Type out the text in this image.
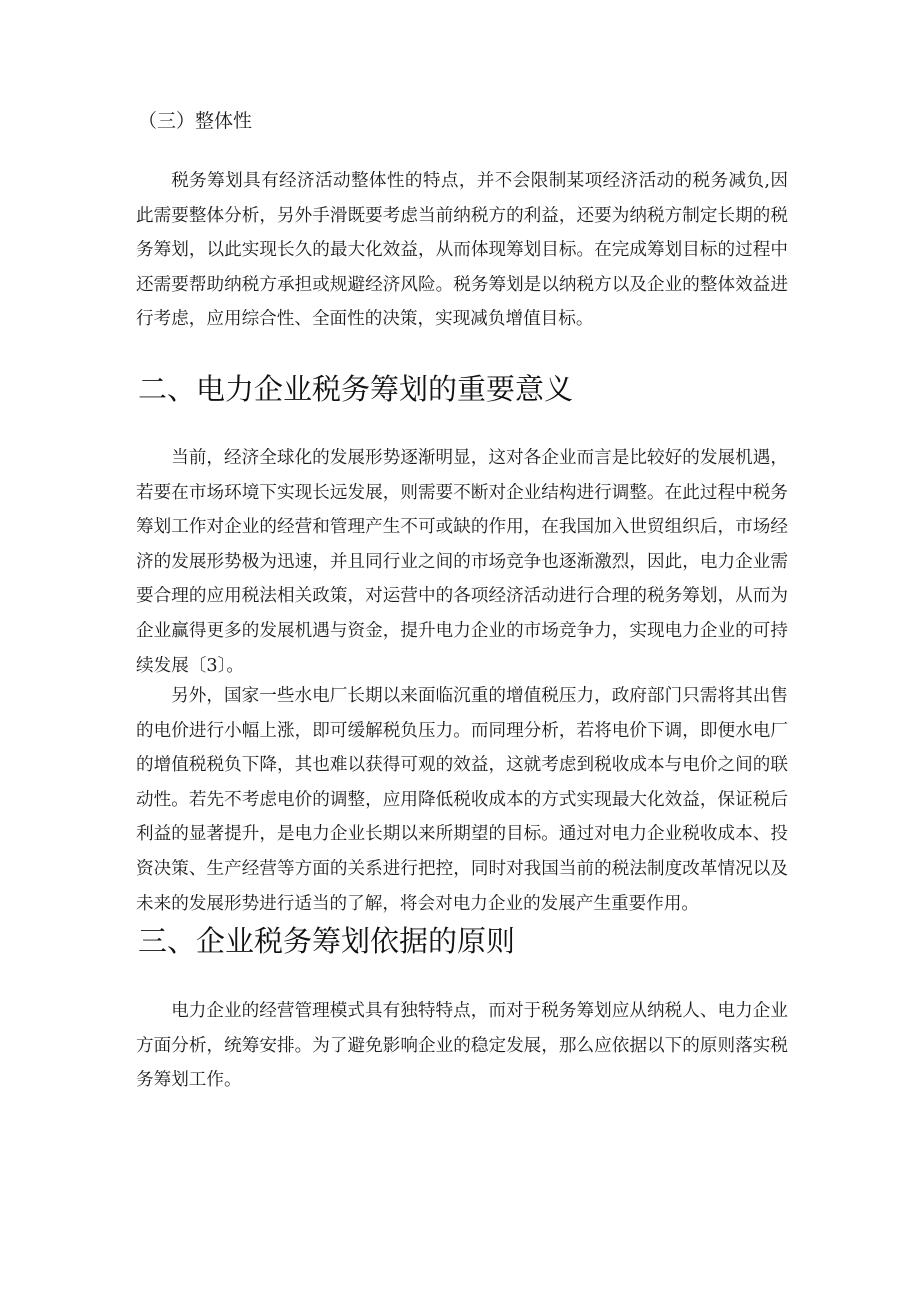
（三）整体性

税务筹划具有经济活动整体性的特点，并不会限制某项经济活动的税务减负,因此需要整体分析，另外手滑既要考虑当前纳税方的利益，还要为纳税方制定长期的税务筹划，以此实现长久的最大化效益，从而体现筹划目标。在完成筹划目标的过程中还需要帮助纳税方承担或规避经济风险。税务筹划是以纳税方以及企业的整体效益进行考虑，应用综合性、全面性的决策，实现减负增值目标。

二、电力企业税务筹划的重要意义

当前，经济全球化的发展形势逐渐明显，这对各企业而言是比较好的发展机遇，若要在市场环境下实现长远发展，则需要不断对企业结构进行调整。在此过程中税务筹划工作对企业的经营和管理产生不可或缺的作用，在我国加入世贸组织后，市场经济的发展形势极为迅速，并且同行业之间的市场竞争也逐渐激烈，因此，电力企业需要合理的应用税法相关政策，对运营中的各项经济活动进行合理的税务筹划，从而为企业赢得更多的发展机遇与资金，提升电力企业的市场竞争力，实现电力企业的可持续发展〔3〕。

另外，国家一些水电厂长期以来面临沉重的增值税压力，政府部门只需将其出售的电价进行小幅上涨，即可缓解税负压力。而同理分析，若将电价下调，即便水电厂的增值税税负下降，其也难以获得可观的效益，这就考虑到税收成本与电价之间的联动性。若先不考虑电价的调整，应用降低税收成本的方式实现最大化效益，保证税后利益的显著提升，是电力企业长期以来所期望的目标。通过对电力企业税收成本、投资决策、生产经营等方面的关系进行把控，同时对我国当前的税法制度改革情况以及未来的发展形势进行适当的了解，将会对电力企业的发展产生重要作用。

三、企业税务筹划依据的原则

电力企业的经营管理模式具有独特特点，而对于税务筹划应从纳税人、电力企业方面分析，统筹安排。为了避免影响企业的稳定发展，那么应依据以下的原则落实税务筹划工作。
